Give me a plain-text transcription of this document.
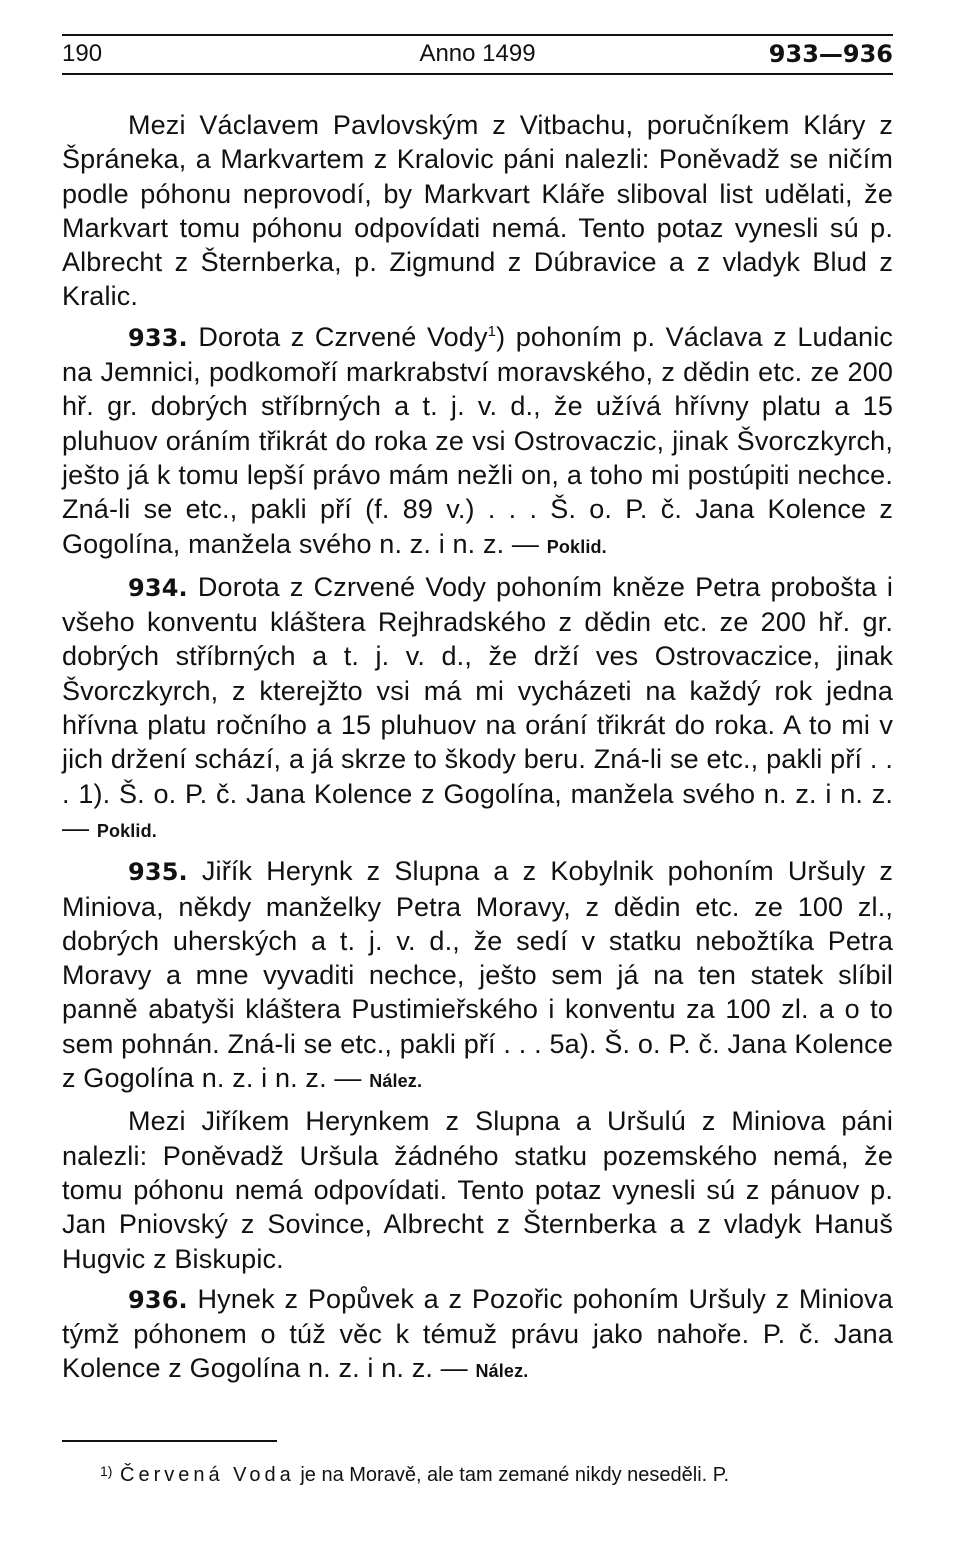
190	Anno 1499	933—936

Mezi Václavem Pavlovským z Vitbachu, poručníkem Kláry z Špráneka, a Markvartem z Kralovic páni nalezli: Poněvadž se ničím podle póhonu neprovodí, by Markvart Kláře sliboval list udělati, že Markvart tomu póhonu odpovídati nemá. Tento potaz vynesli sú p. Albrecht z Šternberka, p. Zigmund z Dúbravice a z vladyk Blud z Kralic.

933. Dorota z Czrvené Vody$^1$) pohoním p. Václava z Ludanic na Jemnici, podkomoří markrabství moravského, z dědin etc. ze 200 hř. gr. dobrých stříbrných a t. j. v. d., že užívá hřívny platu a 15 pluhuov oráním třikrát do roka ze vsi Ostrovaczic, jinak Švorczkyrch, ješto já k tomu lepší právo mám nežli on, a toho mi postúpiti nechce. Zná-li se etc., pakli pří (f. 89 v.) . . . Š. o. P. č. Jana Kolence z Gogolína, manžela svého n. z. i n. z. — Poklid.

934. Dorota z Czrvené Vody pohoním kněze Petra probošta i všeho konventu kláštera Rejhradského z dědin etc. ze 200 hř. gr. dobrých stříbrných a t. j. v. d., že drží ves Ostrovaczice, jinak Švorczkyrch, z kterejžto vsi má mi vycházeti na každý rok jedna hřívna platu ročního a 15 pluhuov na orání třikrát do roka. A to mi v jich držení schází, a já skrze to škody beru. Zná-li se etc., pakli pří . . . 1). Š. o. P. č. Jana Kolence z Gogolína, manžela svého n. z. i n. z. — Poklid.

935. Jiřík Herynk z Slupna a z Kobylnik pohoním Uršuly z Miniova, někdy manželky Petra Moravy, z dědin etc. ze 100 zl., dobrých uherských a t. j. v. d., že sedí v statku nebožtíka Petra Moravy a mne vyvaditi nechce, ješto sem já na ten statek slíbil panně abatyši kláštera Pustimieřského i konventu za 100 zl. a o to sem pohnán. Zná-li se etc., pakli pří . . . 5a). Š. o. P. č. Jana Kolence z Gogolína n. z. i n. z. — Nález.

Mezi Jiříkem Herynkem z Slupna a Uršulú z Miniova páni nalezli: Poněvadž Uršula žádného statku pozemského nemá, že tomu póhonu nemá odpovídati. Tento potaz vynesli sú z pánuov p. Jan Pniovský z Sovince, Albrecht z Šternberka a z vladyk Hanuš Hugvic z Biskupic.

936. Hynek z Popůvek a z Pozořic pohoním Uršuly z Miniova týmž póhonem o túž věc k témuž právu jako nahoře. P. č. Jana Kolence z Gogolína n. z. i n. z. — Nález.

1) Červená Voda je na Moravě, ale tam zemané nikdy neseděli. P.
